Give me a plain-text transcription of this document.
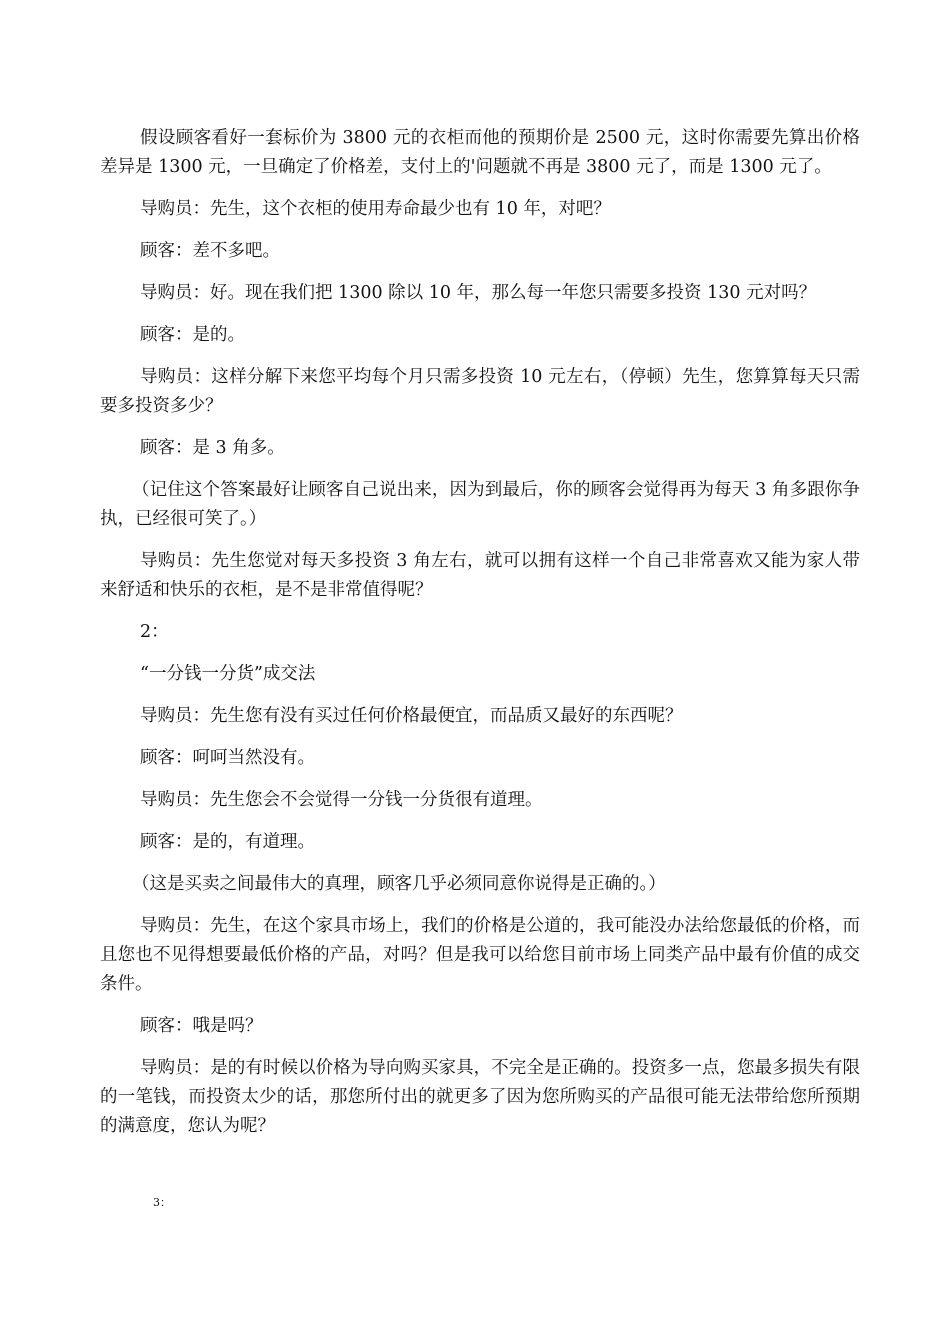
假设顾客看好一套标价为 3800 元的衣柜而他的预期价是 2500 元，这时你需要先算出价格差异是 1300 元，一旦确定了价格差，支付上的'问题就不再是 3800 元了，而是 1300 元了。

导购员：先生，这个衣柜的使用寿命最少也有 10 年，对吧？

顾客：差不多吧。

导购员：好。现在我们把 1300 除以 10 年，那么每一年您只需要多投资 130 元对吗？

顾客：是的。

导购员：这样分解下来您平均每个月只需多投资 10 元左右，（停顿）先生，您算算每天只需要多投资多少？

顾客：是 3 角多。

（记住这个答案最好让顾客自己说出来，因为到最后，你的顾客会觉得再为每天 3 角多跟你争执，已经很可笑了。）

导购员：先生您觉对每天多投资 3 角左右，就可以拥有这样一个自己非常喜欢又能为家人带来舒适和快乐的衣柜，是不是非常值得呢？

2：

“一分钱一分货”成交法

导购员：先生您有没有买过任何价格最便宜，而品质又最好的东西呢？

顾客：呵呵当然没有。

导购员：先生您会不会觉得一分钱一分货很有道理。

顾客：是的，有道理。

（这是买卖之间最伟大的真理，顾客几乎必须同意你说得是正确的。）

导购员：先生，在这个家具市场上，我们的价格是公道的，我可能没办法给您最低的价格，而且您也不见得想要最低价格的产品，对吗？但是我可以给您目前市场上同类产品中最有价值的成交条件。

顾客：哦是吗？

导购员：是的有时候以价格为导向购买家具，不完全是正确的。投资多一点，您最多损失有限的一笔钱，而投资太少的话，那您所付出的就更多了因为您所购买的产品很可能无法带给您所预期的满意度，您认为呢？

3：
